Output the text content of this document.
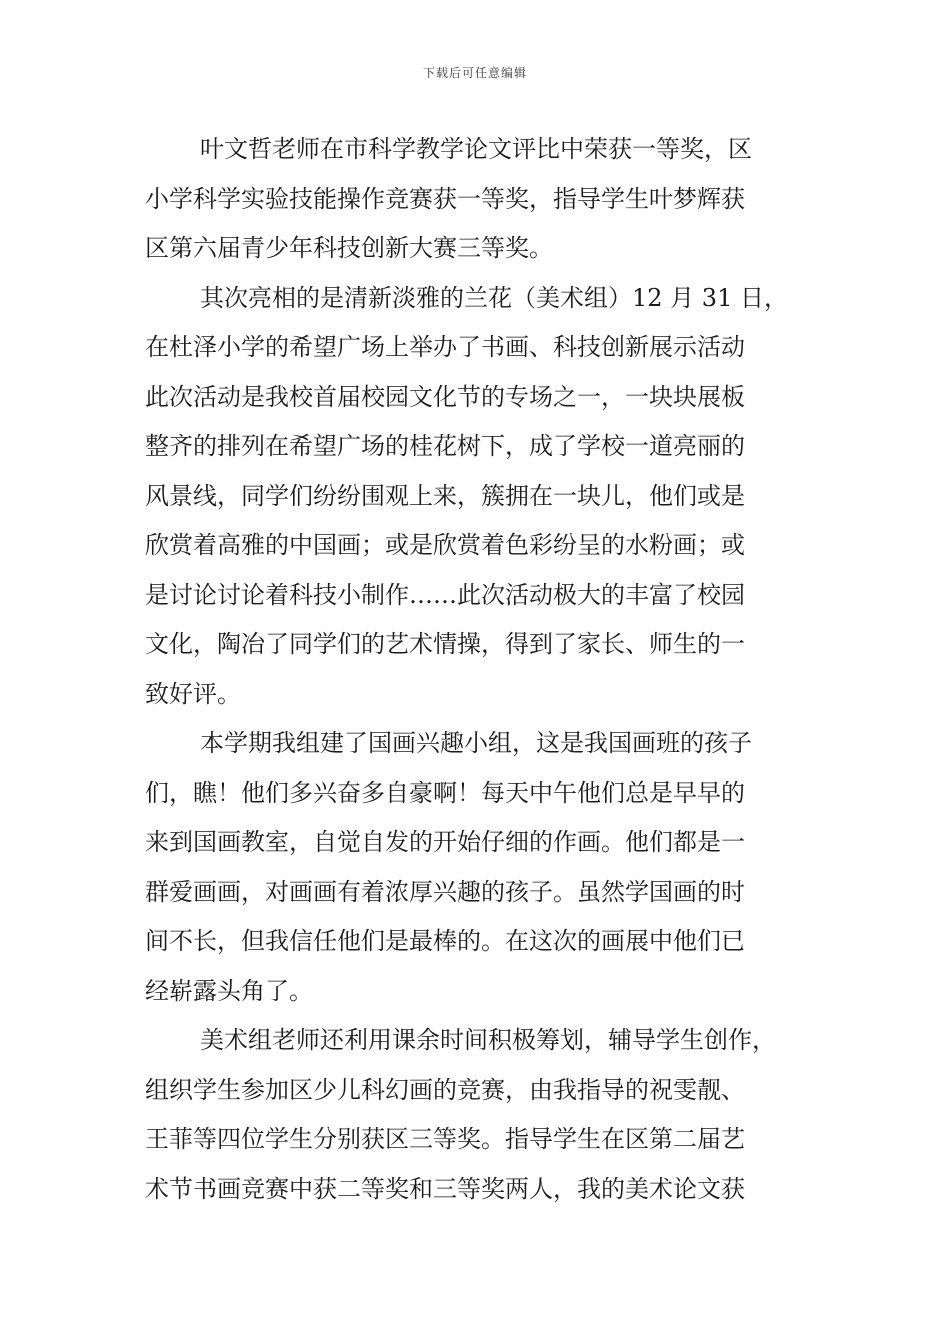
下载后可任意编辑
叶文哲老师在市科学教学论文评比中荣获一等奖，区
小学科学实验技能操作竞赛获一等奖，指导学生叶梦辉获
区第六届青少年科技创新大赛三等奖。
其次亮相的是清新淡雅的兰花（美术组）12 月 31 日，
在杜泽小学的希望广场上举办了书画、科技创新展示活动
此次活动是我校首届校园文化节的专场之一，一块块展板
整齐的排列在希望广场的桂花树下，成了学校一道亮丽的
风景线，同学们纷纷围观上来，簇拥在一块儿，他们或是
欣赏着高雅的中国画；或是欣赏着色彩纷呈的水粉画；或
是讨论讨论着科技小制作……此次活动极大的丰富了校园
文化，陶冶了同学们的艺术情操，得到了家长、师生的一
致好评。
本学期我组建了国画兴趣小组，这是我国画班的孩子
们，瞧！他们多兴奋多自豪啊！每天中午他们总是早早的
来到国画教室，自觉自发的开始仔细的作画。他们都是一
群爱画画，对画画有着浓厚兴趣的孩子。虽然学国画的时
间不长，但我信任他们是最棒的。在这次的画展中他们已
经崭露头角了。
美术组老师还利用课余时间积极筹划，辅导学生创作，
组织学生参加区少儿科幻画的竞赛，由我指导的祝雯靓、
王菲等四位学生分别获区三等奖。指导学生在区第二届艺
术节书画竞赛中获二等奖和三等奖两人，我的美术论文获
